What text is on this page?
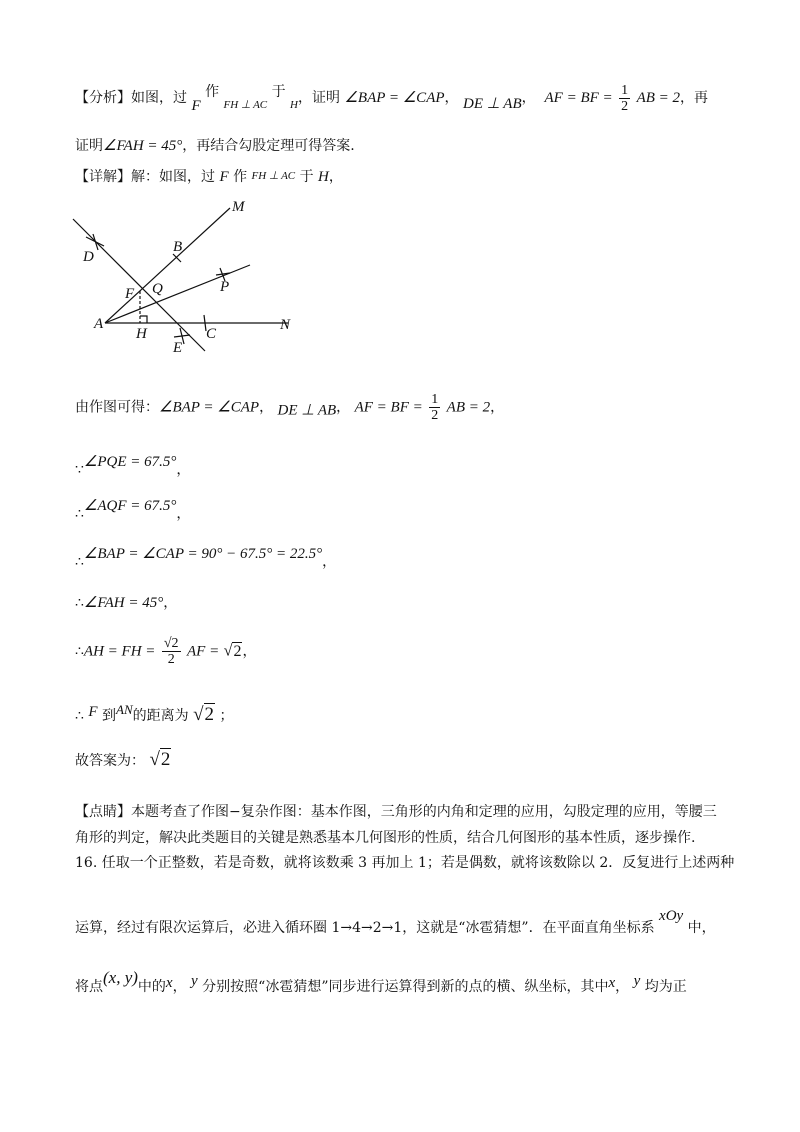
【分析】如图，过 F 作 $_{FH \perp AC}$ 于 $_H$，证明 ∠BAP = ∠CAP， DE ⊥ AB， AF = BF = $\frac{1}{2}$ AB = 2，再
证明∠FAH = 45°，再结合勾股定理可得答案.
【详解】解：如图，过 F 作 FH ⊥ AC 于 H，
M
B
D
F Q	P
A
H
E
C
N
由作图可得：∠BAP = ∠CAP， DE ⊥ AB， AF = BF = $\frac{1}{2}$ AB = 2，
∵∠PQE = 67.5°，
∴∠AQF = 67.5°，
∴∠BAP = ∠CAP = 90° − 67.5° = 22.5°，
∴∠FAH = 45°，
∴AH = FH = $\frac{√2}{2}$ AF = √2，
∴ F 到AN的距离为 √2 ；
故答案为： √2
【点睛】本题考查了作图−复杂作图：基本作图，三角形的内角和定理的应用，勾股定理的应用，等腰三
角形的判定，解决此类题目的关键是熟悉基本几何图形的性质，结合几何图形的基本性质，逐步操作.
16. 任取一个正整数，若是奇数，就将该数乘 3 再加上 1；若是偶数，就将该数除以 2．反复进行上述两种
运算，经过有限次运算后，必进入循环圈 1→4→2→1，这就是“冰雹猜想”．在平面直角坐标系 xOy 中，
将点(x, y)中的x， y 分别按照“冰雹猜想”同步进行运算得到新的点的横、纵坐标，其中x， y 均为正
